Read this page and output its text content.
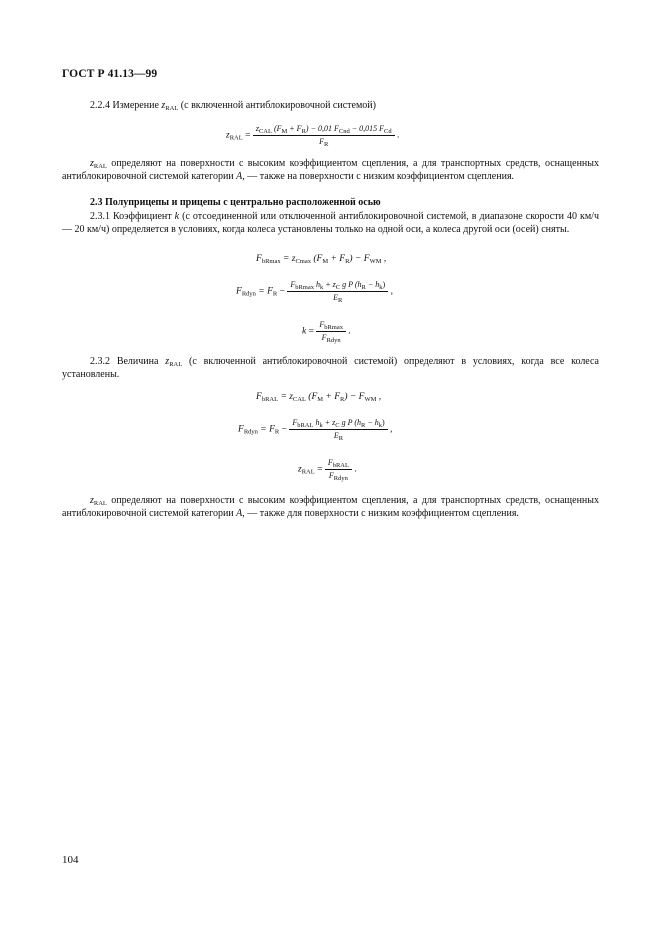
ГОСТ Р 41.13—99

2.2.4 Измерение $z_{RAL}$ (с включенной антиблокировочной системой)

$z_{RAL} = \frac{z_{CAL} (F_M + F_R) - 0,01 F_{Cnd} - 0,015 F_{Cd}}{F_R}$ .

$z_{RAL}$ определяют на поверхности с высоким коэффициентом сцепления, а для транспортных средств, оснащенных антиблокировочной системой категории A, — также на поверхности с низким коэффициентом сцепления.

2.3 Полуприцепы и прицепы с центрально расположенной осью

2.3.1 Коэффициент k (с отсоединенной или отключенной антиблокировочной системой, в диапазоне скорости 40 км/ч — 20 км/ч) определяется в условиях, когда колеса установлены только на одной оси, а колеса другой оси (осей) сняты.

$F_{bRmax} = z_{Cmax}$ $(F_M + F_R) - F_{WM}$ ,
$F_{Rdyn} = F_R - \frac{F_{bRmax} h_k + z_C g P (h_R - h_k)}{E_R}$ ,
$k = \frac{F_{bRmax}}{F_{Rdyn}}$ .

2.3.2 Величина $z_{RAL}$ (с включенной антиблокировочной системой) определяют в условиях, когда все колеса установлены.

$F_{bRAL} = z_{CAL}$ $(F_M + F_R) - F_{WM}$ ,
$F_{Rdyn} = F_R - \frac{F_{bRAL} h_k + z_C g P (h_R - h_k)}{E_R}$ ,
$z_{RAL} = \frac{F_{bRAL}}{F_{Rdyn}}$ .

$z_{RAL}$ определяют на поверхности с высоким коэффициентом сцепления, а для транспортных средств, оснащенных антиблокировочной системой категории A, — также для поверхности с низким коэффициентом сцепления.

104
